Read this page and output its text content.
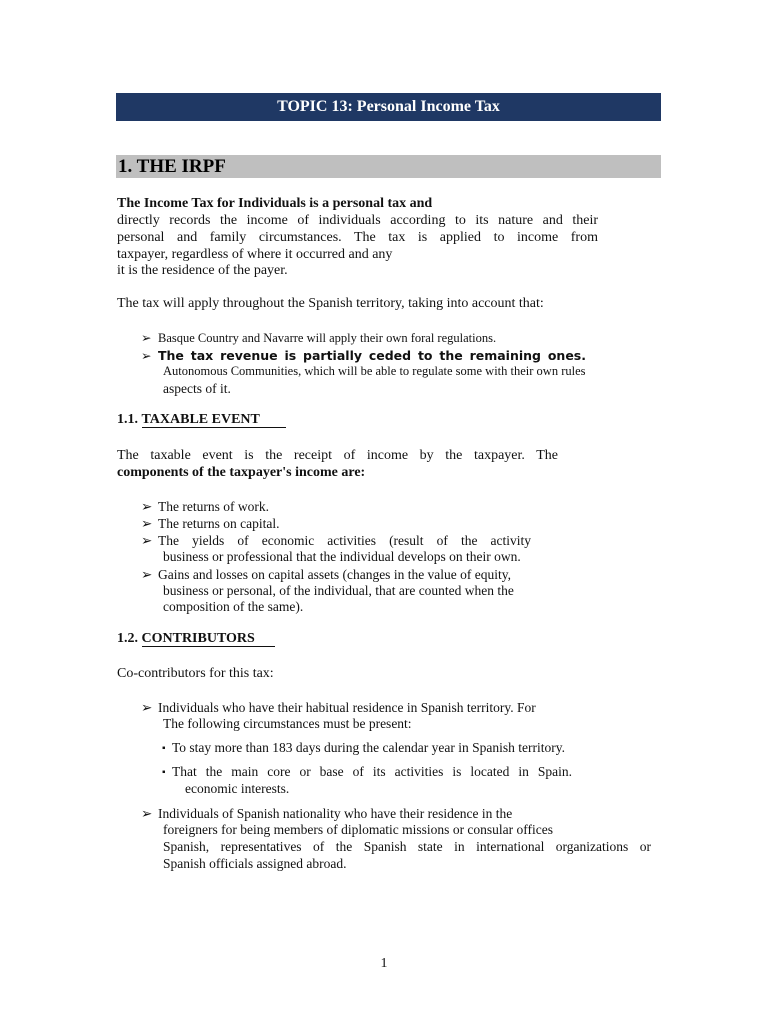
TOPIC 13: Personal Income Tax
1. THE IRPF
The Income Tax for Individuals is a personal tax and
directly records the income of individuals according to its nature and their
personal and family circumstances. The tax is applied to income from
taxpayer, regardless of where it occurred and any
it is the residence of the payer.
The tax will apply throughout the Spanish territory, taking into account that:
➢ Basque Country and Navarre will apply their own foral regulations.
➢ The tax revenue is partially ceded to the remaining ones.
Autonomous Communities, which will be able to regulate some with their own rules
aspects of it.
1.1. TAXABLE EVENT
The taxable event is the receipt of income by the taxpayer. The
components of the taxpayer's income are:
➢ The returns of work.
➢ The returns on capital.
➢ The yields of economic activities (result of the activity
business or professional that the individual develops on their own.
➢ Gains and losses on capital assets (changes in the value of equity,
business or personal, of the individual, that are counted when the
composition of the same).
1.2. CONTRIBUTORS
Co-contributors for this tax:
➢ Individuals who have their habitual residence in Spanish territory. For
The following circumstances must be present:
▪ To stay more than 183 days during the calendar year in Spanish territory.
▪ That the main core or base of its activities is located in Spain.
economic interests.
➢ Individuals of Spanish nationality who have their residence in the
foreigners for being members of diplomatic missions or consular offices
Spanish, representatives of the Spanish state in international organizations or
Spanish officials assigned abroad.
1
